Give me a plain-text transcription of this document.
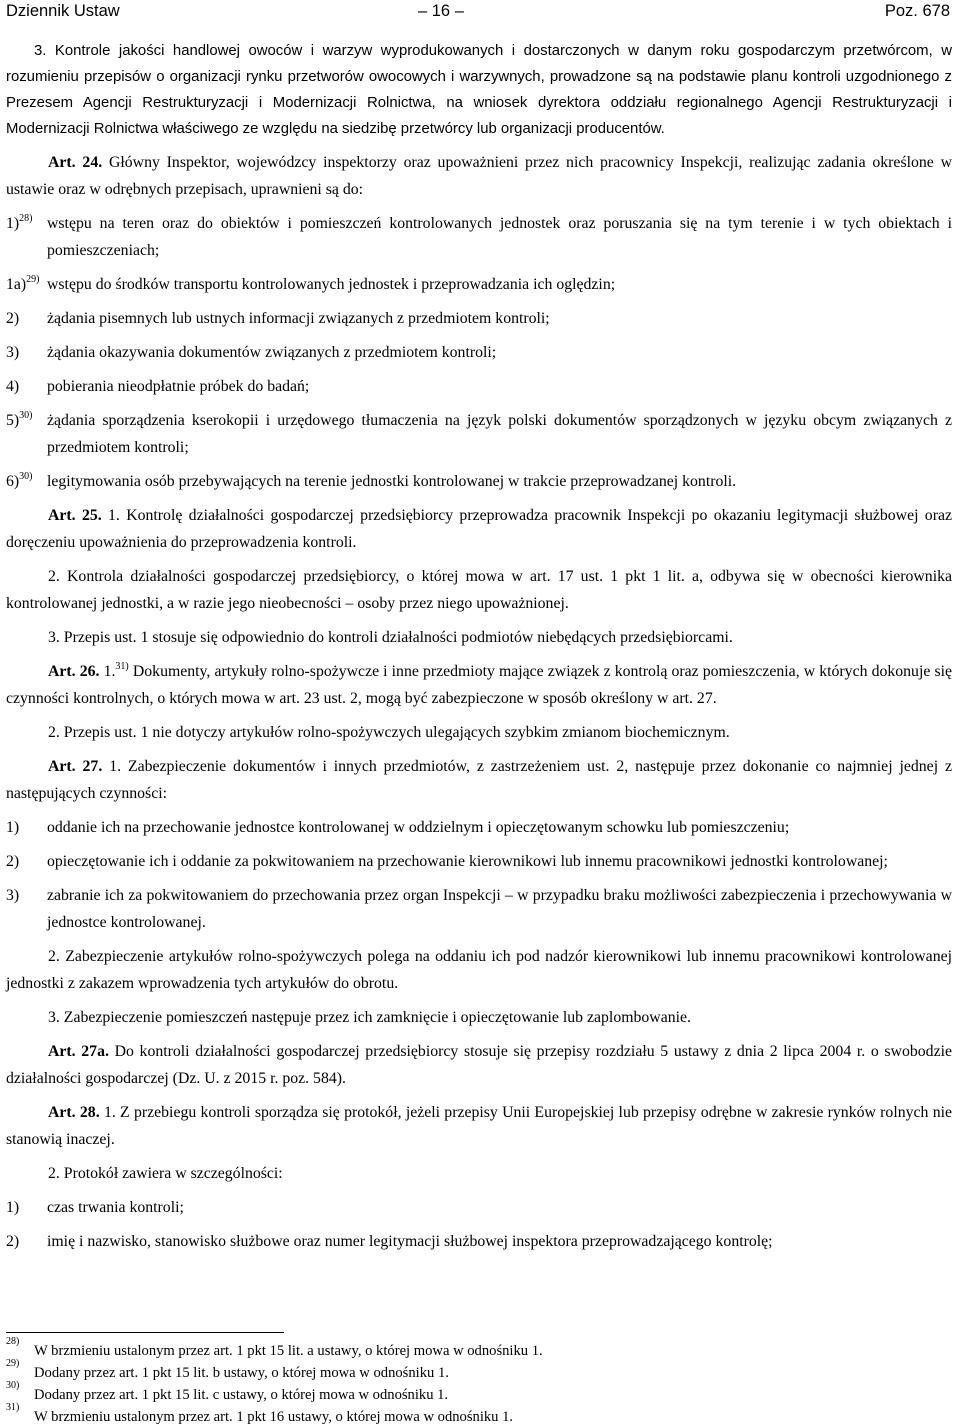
Dziennik Ustaw	– 16 –	Poz. 678

3. Kontrole jakości handlowej owoców i warzyw wyprodukowanych i dostarczonych w danym roku gospodarczym przetwórcom, w rozumieniu przepisów o organizacji rynku przetworów owocowych i warzywnych, prowadzone są na podstawie planu kontroli uzgodnionego z Prezesem Agencji Restrukturyzacji i Modernizacji Rolnictwa, na wniosek dyrektora oddziału regionalnego Agencji Restrukturyzacji i Modernizacji Rolnictwa właściwego ze względu na siedzibę przetwórcy lub organizacji producentów.

Art. 24. Główny Inspektor, wojewódzcy inspektorzy oraz upoważnieni przez nich pracownicy Inspekcji, realizując zadania określone w ustawie oraz w odrębnych przepisach, uprawnieni są do:

1)$^{28)}$ wstępu na teren oraz do obiektów i pomieszczeń kontrolowanych jednostek oraz poruszania się na tym terenie i w tych obiektach i pomieszczeniach;
1a)$^{29)}$ wstępu do środków transportu kontrolowanych jednostek i przeprowadzania ich oględzin;
2) żądania pisemnych lub ustnych informacji związanych z przedmiotem kontroli;
3) żądania okazywania dokumentów związanych z przedmiotem kontroli;
4) pobierania nieodpłatnie próbek do badań;
5)$^{30)}$ żądania sporządzenia kserokopii i urzędowego tłumaczenia na język polski dokumentów sporządzonych w języku obcym związanych z przedmiotem kontroli;
6)$^{30)}$ legitymowania osób przebywających na terenie jednostki kontrolowanej w trakcie przeprowadzanej kontroli.

Art. 25. 1. Kontrolę działalności gospodarczej przedsiębiorcy przeprowadza pracownik Inspekcji po okazaniu legitymacji służbowej oraz doręczeniu upoważnienia do przeprowadzenia kontroli.

2. Kontrola działalności gospodarczej przedsiębiorcy, o której mowa w art. 17 ust. 1 pkt 1 lit. a, odbywa się w obecności kierownika kontrolowanej jednostki, a w razie jego nieobecności – osoby przez niego upoważnionej.

3. Przepis ust. 1 stosuje się odpowiednio do kontroli działalności podmiotów niebędących przedsiębiorcami.

Art. 26. 1.$^{31)}$ Dokumenty, artykuły rolno-spożywcze i inne przedmioty mające związek z kontrolą oraz pomieszczenia, w których dokonuje się czynności kontrolnych, o których mowa w art. 23 ust. 2, mogą być zabezpieczone w sposób określony w art. 27.

2. Przepis ust. 1 nie dotyczy artykułów rolno-spożywczych ulegających szybkim zmianom biochemicznym.

Art. 27. 1. Zabezpieczenie dokumentów i innych przedmiotów, z zastrzeżeniem ust. 2, następuje przez dokonanie co najmniej jednej z następujących czynności:

1) oddanie ich na przechowanie jednostce kontrolowanej w oddzielnym i opieczętowanym schowku lub pomieszczeniu;
2) opieczętowanie ich i oddanie za pokwitowaniem na przechowanie kierownikowi lub innemu pracownikowi jednostki kontrolowanej;
3) zabranie ich za pokwitowaniem do przechowania przez organ Inspekcji – w przypadku braku możliwości zabezpieczenia i przechowywania w jednostce kontrolowanej.

2. Zabezpieczenie artykułów rolno-spożywczych polega na oddaniu ich pod nadzór kierownikowi lub innemu pracownikowi kontrolowanej jednostki z zakazem wprowadzenia tych artykułów do obrotu.

3. Zabezpieczenie pomieszczeń następuje przez ich zamknięcie i opieczętowanie lub zaplombowanie.

Art. 27a. Do kontroli działalności gospodarczej przedsiębiorcy stosuje się przepisy rozdziału 5 ustawy z dnia 2 lipca 2004 r. o swobodzie działalności gospodarczej (Dz. U. z 2015 r. poz. 584).

Art. 28. 1. Z przebiegu kontroli sporządza się protokół, jeżeli przepisy Unii Europejskiej lub przepisy odrębne w zakresie rynków rolnych nie stanowią inaczej.

2. Protokół zawiera w szczególności:

1) czas trwania kontroli;
2) imię i nazwisko, stanowisko służbowe oraz numer legitymacji służbowej inspektora przeprowadzającego kontrolę;
28)
W brzmieniu ustalonym przez art. 1 pkt 15 lit. a ustawy, o której mowa w odnośniku 1.
29)
Dodany przez art. 1 pkt 15 lit. b ustawy, o której mowa w odnośniku 1.
30)
Dodany przez art. 1 pkt 15 lit. c ustawy, o której mowa w odnośniku 1.
31)
W brzmieniu ustalonym przez art. 1 pkt 16 ustawy, o której mowa w odnośniku 1.
